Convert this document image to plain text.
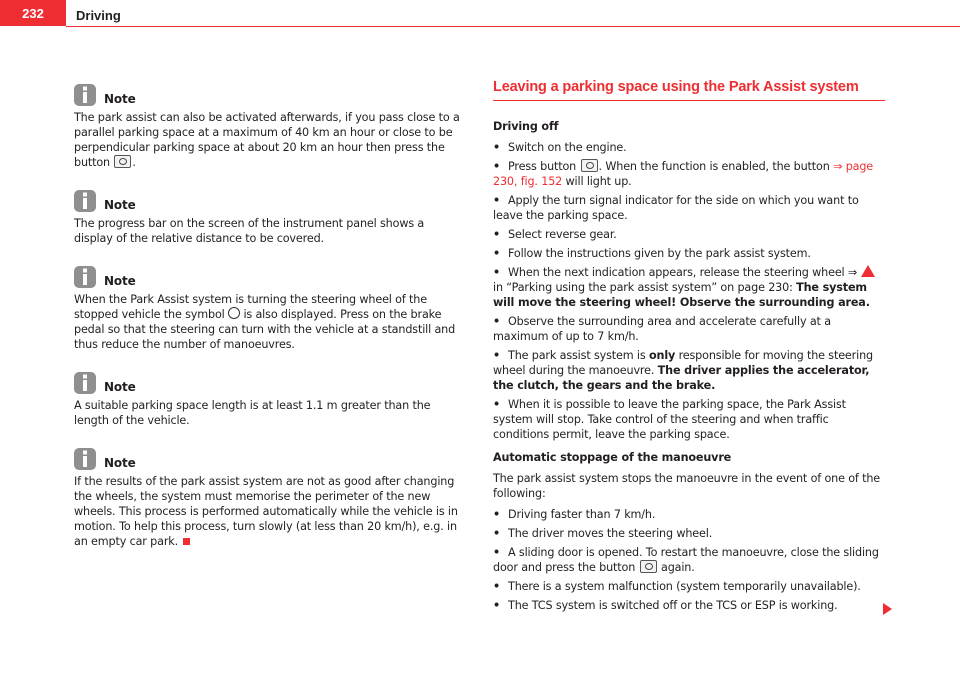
232	Driving
Note

The park assist can also be activated afterwards, if you pass close to a parallel parking space at a maximum of 40 km an hour or close to be perpendicular parking space at about 20 km an hour then press the button .

Note

The progress bar on the screen of the instrument panel shows a display of the relative distance to be covered.

Note

When the Park Assist system is turning the steering wheel of the stopped vehicle the symbol is also displayed. Press on the brake pedal so that the steering can turn with the vehicle at a standstill and thus reduce the number of manoeuvres.

Note

A suitable parking space length is at least 1.1 m greater than the length of the vehicle.

Note

If the results of the park assist system are not as good after changing the wheels, the system must memorise the perimeter of the new wheels. This process is performed automatically while the vehicle is in motion. To help this process, turn slowly (at less than 20 km/h), e.g. in an empty car park.

Leaving a parking space using the Park Assist system

Driving off

• Switch on the engine.

• Press button . When the function is enabled, the button ⇒ page 230, fig. 152 will light up.

• Apply the turn signal indicator for the side on which you want to leave the parking space.

• Select reverse gear.

• Follow the instructions given by the park assist system.

• When the next indication appears, release the steering wheel ⇒  in “Parking using the park assist system” on page 230: The system will move the steering wheel! Observe the surrounding area.

• Observe the surrounding area and accelerate carefully at a maximum of up to 7 km/h.

• The park assist system is only responsible for moving the steering wheel during the manoeuvre. The driver applies the accelerator, the clutch, the gears and the brake.

• When it is possible to leave the parking space, the Park Assist system will stop. Take control of the steering and when traffic conditions permit, leave the parking space.

Automatic stoppage of the manoeuvre

The park assist system stops the manoeuvre in the event of one of the following:

• Driving faster than 7 km/h.

• The driver moves the steering wheel.

• A sliding door is opened. To restart the manoeuvre, close the sliding door and press the button again.

• There is a system malfunction (system temporarily unavailable).

• The TCS system is switched off or the TCS or ESP is working.
